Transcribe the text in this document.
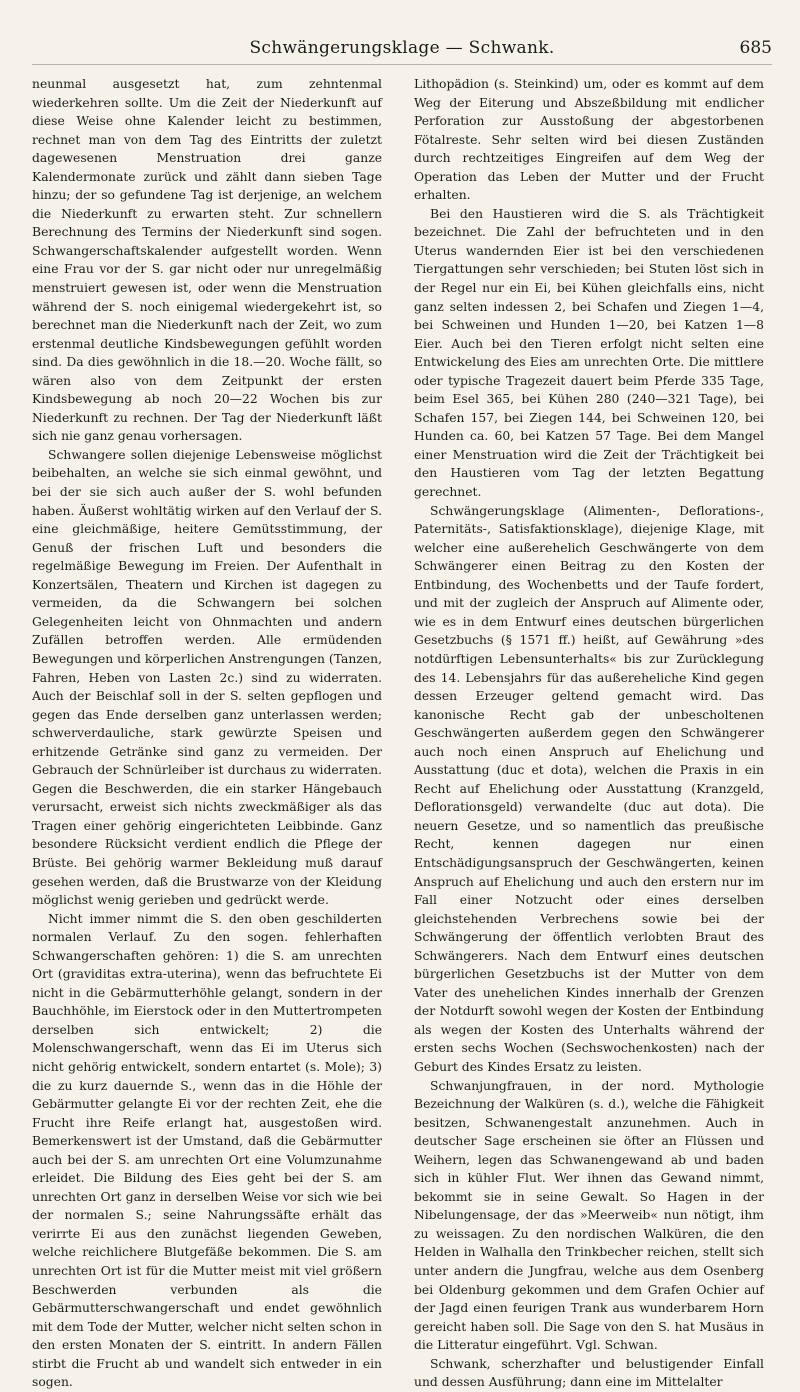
Schwängerungsklage — Schwank.	685

neunmal ausgesetzt hat, zum zehntenmal wiederkehren sollte. Um die Zeit der Niederkunft auf diese Weise ohne Kalender leicht zu bestimmen, rechnet man von dem Tag des Eintritts der zuletzt dagewesenen Menstruation drei ganze Kalendermonate zurück und zählt dann sieben Tage hinzu; der so gefundene Tag ist derjenige, an welchem die Niederkunft zu erwarten steht. Zur schnellern Berechnung des Termins der Niederkunft sind sogen. Schwangerschaftskalender aufgestellt worden. Wenn eine Frau vor der S. gar nicht oder nur unregelmäßig menstruiert gewesen ist, oder wenn die Menstruation während der S. noch einigemal wiedergekehrt ist, so berechnet man die Niederkunft nach der Zeit, wo zum erstenmal deutliche Kindsbewegungen gefühlt worden sind. Da dies gewöhnlich in die 18.—20. Woche fällt, so wären also von dem Zeitpunkt der ersten Kindsbewegung ab noch 20—22 Wochen bis zur Niederkunft zu rechnen. Der Tag der Niederkunft läßt sich nie ganz genau vorhersagen.

Schwangere sollen diejenige Lebensweise möglichst beibehalten, an welche sie sich einmal gewöhnt, und bei der sie sich auch außer der S. wohl befunden haben. Äußerst wohltätig wirken auf den Verlauf der S. eine gleichmäßige, heitere Gemütsstimmung, der Genuß der frischen Luft und besonders die regelmäßige Bewegung im Freien. Der Aufenthalt in Konzertsälen, Theatern und Kirchen ist dagegen zu vermeiden, da die Schwangern bei solchen Gelegenheiten leicht von Ohnmachten und andern Zufällen betroffen werden. Alle ermüdenden Bewegungen und körperlichen Anstrengungen (Tanzen, Fahren, Heben von Lasten 2c.) sind zu widerraten. Auch der Beischlaf soll in der S. selten gepflogen und gegen das Ende derselben ganz unterlassen werden; schwerverdauliche, stark gewürzte Speisen und erhitzende Getränke sind ganz zu vermeiden. Der Gebrauch der Schnürleiber ist durchaus zu widerraten. Gegen die Beschwerden, die ein starker Hängebauch verursacht, erweist sich nichts zweckmäßiger als das Tragen einer gehörig eingerichteten Leibbinde. Ganz besondere Rücksicht verdient endlich die Pflege der Brüste. Bei gehörig warmer Bekleidung muß darauf gesehen werden, daß die Brustwarze von der Kleidung möglichst wenig gerieben und gedrückt werde.

Nicht immer nimmt die S. den oben geschilderten normalen Verlauf. Zu den sogen. fehlerhaften Schwangerschaften gehören: 1) die S. am unrechten Ort (graviditas extra-uterina), wenn das befruchtete Ei nicht in die Gebärmutterhöhle gelangt, sondern in der Bauchhöhle, im Eierstock oder in den Muttertrompeten derselben sich entwickelt; 2) die Molenschwangerschaft, wenn das Ei im Uterus sich nicht gehörig entwickelt, sondern entartet (s. Mole); 3) die zu kurz dauernde S., wenn das in die Höhle der Gebärmutter gelangte Ei vor der rechten Zeit, ehe die Frucht ihre Reife erlangt hat, ausgestoßen wird. Bemerkenswert ist der Umstand, daß die Gebärmutter auch bei der S. am unrechten Ort eine Volumzunahme erleidet. Die Bildung des Eies geht bei der S. am unrechten Ort ganz in derselben Weise vor sich wie bei der normalen S.; seine Nahrungssäfte erhält das verirrte Ei aus den zunächst liegenden Geweben, welche reichlichere Blutgefäße bekommen. Die S. am unrechten Ort ist für die Mutter meist mit viel größern Beschwerden verbunden als die Gebärmutterschwangerschaft und endet gewöhnlich mit dem Tode der Mutter, welcher nicht selten schon in den ersten Monaten der S. eintritt. In andern Fällen stirbt die Frucht ab und wandelt sich entweder in ein sogen.

Lithopädion (s. Steinkind) um, oder es kommt auf dem Weg der Eiterung und Abszeßbildung mit endlicher Perforation zur Ausstoßung der abgestorbenen Fötalreste. Sehr selten wird bei diesen Zuständen durch rechtzeitiges Eingreifen auf dem Weg der Operation das Leben der Mutter und der Frucht erhalten.

Bei den Haustieren wird die S. als Trächtigkeit bezeichnet. Die Zahl der befruchteten und in den Uterus wandernden Eier ist bei den verschiedenen Tiergattungen sehr verschieden; bei Stuten löst sich in der Regel nur ein Ei, bei Kühen gleichfalls eins, nicht ganz selten indessen 2, bei Schafen und Ziegen 1—4, bei Schweinen und Hunden 1—20, bei Katzen 1—8 Eier. Auch bei den Tieren erfolgt nicht selten eine Entwickelung des Eies am unrechten Orte. Die mittlere oder typische Tragezeit dauert beim Pferde 335 Tage, beim Esel 365, bei Kühen 280 (240—321 Tage), bei Schafen 157, bei Ziegen 144, bei Schweinen 120, bei Hunden ca. 60, bei Katzen 57 Tage. Bei dem Mangel einer Menstruation wird die Zeit der Trächtigkeit bei den Haustieren vom Tag der letzten Begattung gerechnet.

Schwängerungsklage (Alimenten-, Deflorations-, Paternitäts-, Satisfaktionsklage), diejenige Klage, mit welcher eine außerehelich Geschwängerte von dem Schwängerer einen Beitrag zu den Kosten der Entbindung, des Wochenbetts und der Taufe fordert, und mit der zugleich der Anspruch auf Alimente oder, wie es in dem Entwurf eines deutschen bürgerlichen Gesetzbuchs (§ 1571 ff.) heißt, auf Gewährung »des notdürftigen Lebensunterhalts« bis zur Zurücklegung des 14. Lebensjahrs für das außereheliche Kind gegen dessen Erzeuger geltend gemacht wird. Das kanonische Recht gab der unbescholtenen Geschwängerten außerdem gegen den Schwängerer auch noch einen Anspruch auf Ehelichung und Ausstattung (duc et dota), welchen die Praxis in ein Recht auf Ehelichung oder Ausstattung (Kranzgeld, Deflorationsgeld) verwandelte (duc aut dota). Die neuern Gesetze, und so namentlich das preußische Recht, kennen dagegen nur einen Entschädigungsanspruch der Geschwängerten, keinen Anspruch auf Ehelichung und auch den erstern nur im Fall einer Notzucht oder eines derselben gleichstehenden Verbrechens sowie bei der Schwängerung der öffentlich verlobten Braut des Schwängerers. Nach dem Entwurf eines deutschen bürgerlichen Gesetzbuchs ist der Mutter von dem Vater des unehelichen Kindes innerhalb der Grenzen der Notdurft sowohl wegen der Kosten der Entbindung als wegen der Kosten des Unterhalts während der ersten sechs Wochen (Sechswochenkosten) nach der Geburt des Kindes Ersatz zu leisten.

Schwanjungfrauen, in der nord. Mythologie Bezeichnung der Walküren (s. d.), welche die Fähigkeit besitzen, Schwanengestalt anzunehmen. Auch in deutscher Sage erscheinen sie öfter an Flüssen und Weihern, legen das Schwanengewand ab und baden sich in kühler Flut. Wer ihnen das Gewand nimmt, bekommt sie in seine Gewalt. So Hagen in der Nibelungensage, der das »Meerweib« nun nötigt, ihm zu weissagen. Zu den nordischen Walküren, die den Helden in Walhalla den Trinkbecher reichen, stellt sich unter andern die Jungfrau, welche aus dem Osenberg bei Oldenburg gekommen und dem Grafen Ochier auf der Jagd einen feurigen Trank aus wunderbarem Horn gereicht haben soll. Die Sage von den S. hat Musäus in die Litteratur eingeführt. Vgl. Schwan.

Schwank, scherzhafter und belustigender Einfall und dessen Ausführung; dann eine im Mittelalter
